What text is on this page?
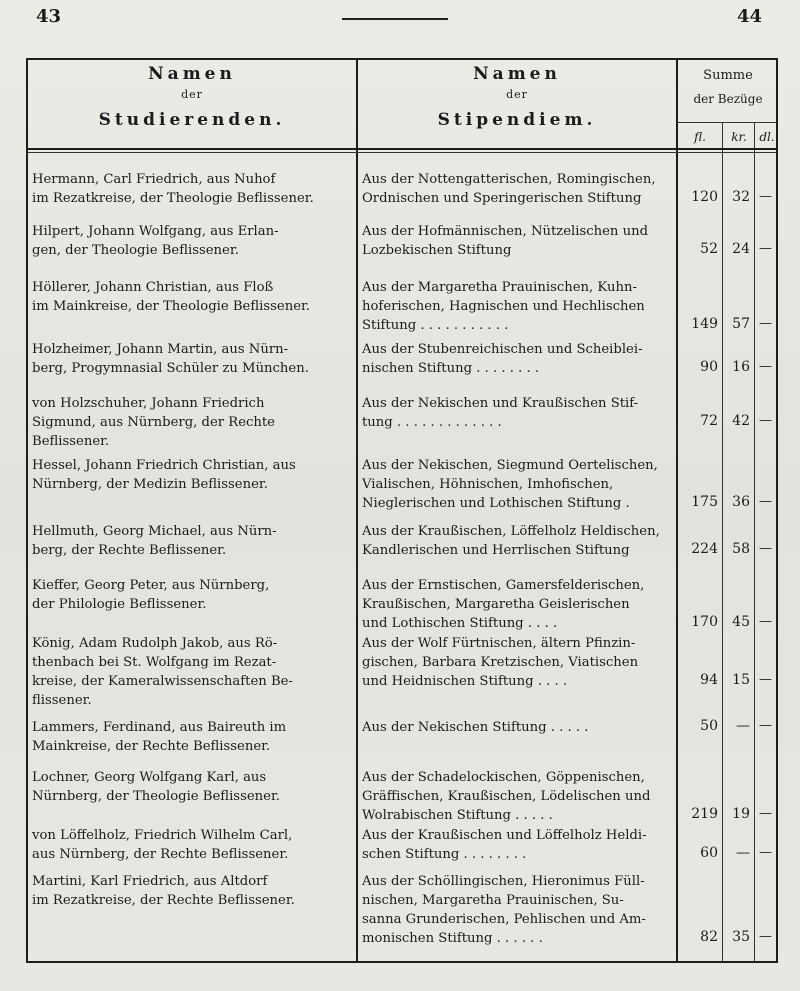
43	44
Namen
der
Studierenden.
Namen
der
Stipendiem.
Summe
der Bezüge
fl.	kr.	dl.
Hermann, Carl Friedrich, aus Nuhof
im Rezatkreise, der Theologie Beflissener.
Aus der Nottengatterischen, Romingischen,
Ordnischen und Speringerischen Stiftung	120	32 —
Hilpert, Johann Wolfgang, aus Erlan-
gen, der Theologie Beflissener.
Aus der Hofmännischen, Nützelischen und
Lozbekischen Stiftung	52	24 —
Höllerer, Johann Christian, aus Floß
im Mainkreise, der Theologie Beflissener.
Aus der Margaretha Prauinischen, Kuhn-
hoferischen, Hagnischen und Hechlischen
Stiftung . . . . . . . . . . .	149	57 —
Holzheimer, Johann Martin, aus Nürn-
berg, Progymnasial Schüler zu München.
Aus der Stubenreichischen und Scheiblei-
nischen Stiftung . . . . . . . .	90	16 —
von Holzschuher, Johann Friedrich
Sigmund, aus Nürnberg, der Rechte
Beflissener.
Aus der Nekischen und Kraußischen Stif-
tung . . . . . . . . . . . . .	72	42 —
Hessel, Johann Friedrich Christian, aus
Nürnberg, der Medizin Beflissener.
Aus der Nekischen, Siegmund Oertelischen,
Vialischen, Höhnischen, Imhofischen,
Nieglerischen und Lothischen Stiftung .	175	36 —
Hellmuth, Georg Michael, aus Nürn-
berg, der Rechte Beflissener.
Aus der Kraußischen, Löffelholz Heldischen,
Kandlerischen und Herrlischen Stiftung	224	58 —
Kieffer, Georg Peter, aus Nürnberg,
der Philologie Beflissener.
Aus der Ernstischen, Gamersfelderischen,
Kraußischen, Margaretha Geislerischen
und Lothischen Stiftung . . . .	170	45 —
König, Adam Rudolph Jakob, aus Rö-
thenbach bei St. Wolfgang im Rezat-
kreise, der Kameralwissenschaften Be-
flissener.
Aus der Wolf Fürtnischen, ältern Pfinzin-
gischen, Barbara Kretzischen, Viatischen
und Heidnischen Stiftung . . . .	94	15 —
Lammers, Ferdinand, aus Baireuth im
Mainkreise, der Rechte Beflissener.
Aus der Nekischen Stiftung . . . . .	50	— —
Lochner, Georg Wolfgang Karl, aus
Nürnberg, der Theologie Beflissener.
Aus der Schadelockischen, Göppenischen,
Gräffischen, Kraußischen, Lödelischen und
Wolrabischen Stiftung . . . . .	219	19 —
von Löffelholz, Friedrich Wilhelm Carl,
aus Nürnberg, der Rechte Beflissener.
Aus der Kraußischen und Löffelholz Heldi-
schen Stiftung . . . . . . . .	60	— —
Martini, Karl Friedrich, aus Altdorf
im Rezatkreise, der Rechte Beflissener.
Aus der Schöllingischen, Hieronimus Füll-
nischen, Margaretha Prauinischen, Su-
sanna Grunderischen, Pehlischen und Am-
monischen Stiftung . . . . . .	82	35 —
